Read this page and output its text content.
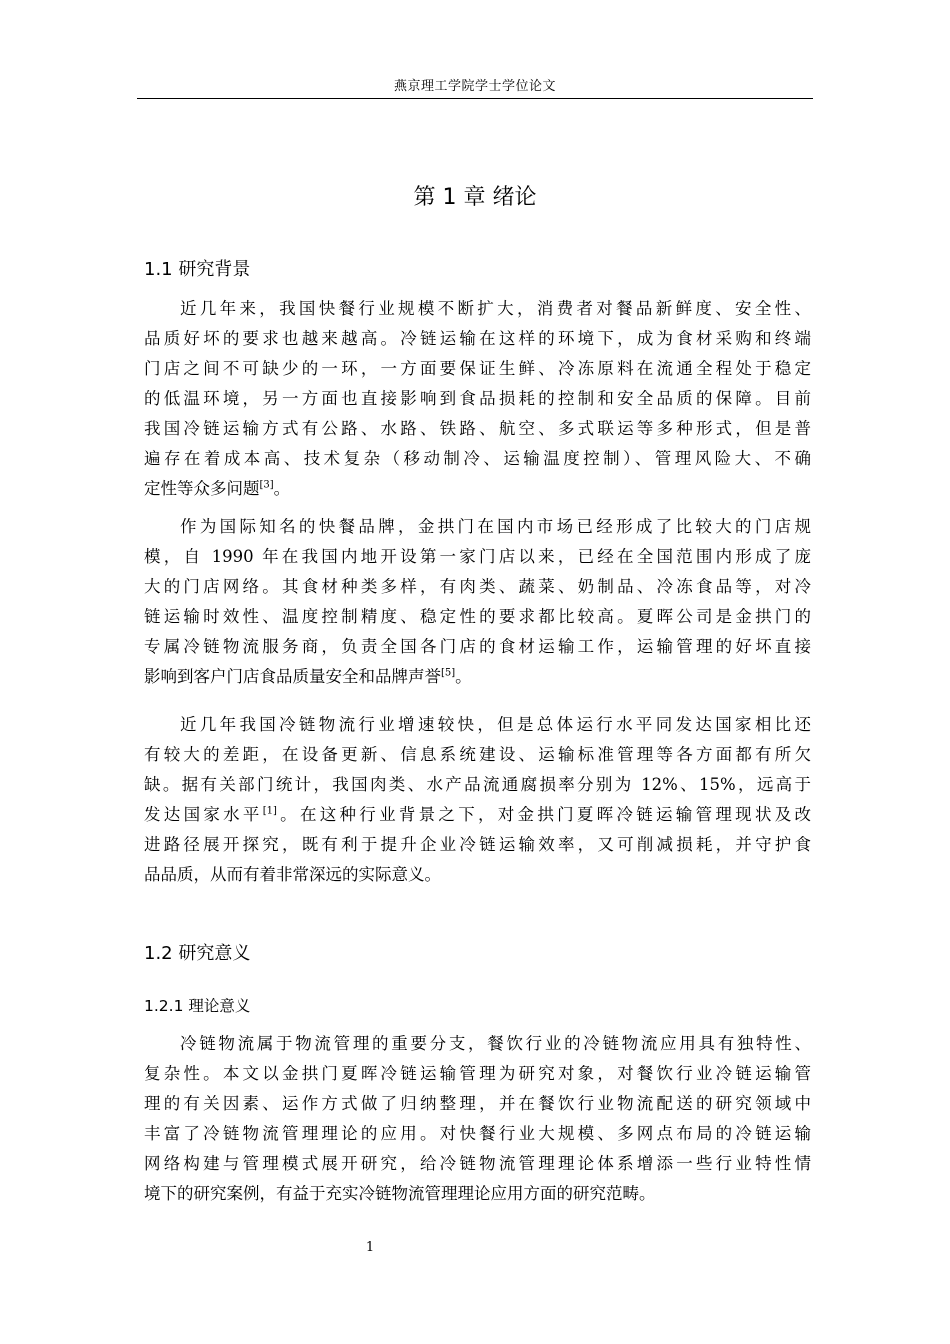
燕京理工学院学士学位论文
第 1 章 绪论
1.1 研究背景

近几年来，我国快餐行业规模不断扩大，消费者对餐品新鲜度、安全性、
品质好坏的要求也越来越高。冷链运输在这样的环境下，成为食材采购和终端
门店之间不可缺少的一环，一方面要保证生鲜、冷冻原料在流通全程处于稳定
的低温环境，另一方面也直接影响到食品损耗的控制和安全品质的保障。目前
我国冷链运输方式有公路、水路、铁路、航空、多式联运等多种形式，但是普
遍存在着成本高、技术复杂（移动制冷、运输温度控制）、管理风险大、不确
定性等众多问题[3]。

作为国际知名的快餐品牌，金拱门在国内市场已经形成了比较大的门店规
模，自 1990 年在我国内地开设第一家门店以来，已经在全国范围内形成了庞
大的门店网络。其食材种类多样，有肉类、蔬菜、奶制品、冷冻食品等，对冷
链运输时效性、温度控制精度、稳定性的要求都比较高。夏晖公司是金拱门的
专属冷链物流服务商，负责全国各门店的食材运输工作，运输管理的好坏直接
影响到客户门店食品质量安全和品牌声誉[5]。

近几年我国冷链物流行业增速较快，但是总体运行水平同发达国家相比还
有较大的差距，在设备更新、信息系统建设、运输标准管理等各方面都有所欠
缺。据有关部门统计，我国肉类、水产品流通腐损率分别为 12%、15%，远高于
发达国家水平[1]。在这种行业背景之下，对金拱门夏晖冷链运输管理现状及改
进路径展开探究，既有利于提升企业冷链运输效率，又可削减损耗，并守护食
品品质，从而有着非常深远的实际意义。

1.2 研究意义
1.2.1 理论意义

冷链物流属于物流管理的重要分支，餐饮行业的冷链物流应用具有独特性、
复杂性。本文以金拱门夏晖冷链运输管理为研究对象，对餐饮行业冷链运输管
理的有关因素、运作方式做了归纳整理，并在餐饮行业物流配送的研究领域中
丰富了冷链物流管理理论的应用。对快餐行业大规模、多网点布局的冷链运输
网络构建与管理模式展开研究，给冷链物流管理理论体系增添一些行业特性情
境下的研究案例，有益于充实冷链物流管理理论应用方面的研究范畴。

1
